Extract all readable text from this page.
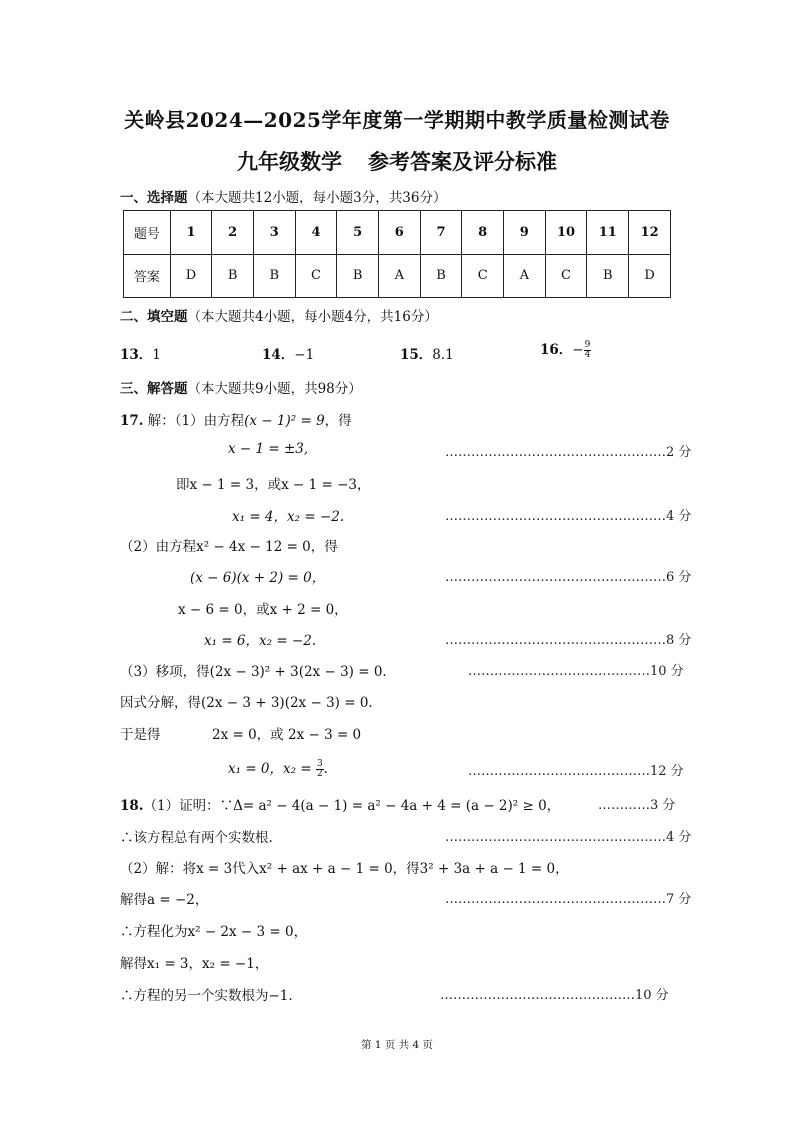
关岭县2024—2025学年度第一学期期中教学质量检测试卷
九年级数学 参考答案及评分标准
一、选择题（本大题共12小题，每小题3分，共36分）
题号	1	2	3	4	5	6	7	8	9	10	11	12
答案	D	B	B	C	B	A	B	C	A	C	B	D
二、填空题（本大题共4小题，每小题4分，共16分）
13．1	14．−1	15．8.1	16．− $\frac{9}{4}$
三、解答题（本大题共9小题，共98分）
17. 解：（1）由方程(x − 1)² = 9，得
x − 1 = ±3,	……………………………………………2 分
即x − 1 = 3，或x − 1 = −3，
x₁ = 4，x₂ = −2.	……………………………………………4 分
（2）由方程x² − 4x − 12 = 0，得
(x − 6)(x + 2) = 0，	……………………………………………6 分
x − 6 = 0，或x + 2 = 0，
x₁ = 6，x₂ = −2.	……………………………………………8 分
（3）移项，得(2x − 3)² + 3(2x − 3) = 0.	……………………………………10 分
因式分解，得(2x − 3 + 3)(2x − 3) = 0.
于是得	2x = 0，或 2x − 3 = 0
x₁ = 0，$x_2 = \frac{3}{2}$ .	……………………………………12 分
18.（1）证明：∵Δ= a² − 4(a − 1) = a² − 4a + 4 = (a − 2)² ≥ 0，	…………3 分
∴该方程总有两个实数根.	……………………………………………4 分
（2）解：将x = 3代入x² + ax + a − 1 = 0，得3² + 3a + a − 1 = 0，
解得a = −2，	……………………………………………7 分
∴方程化为x² − 2x − 3 = 0，
解得x₁ = 3，x₂ = −1，
∴方程的另一个实数根为−1.	………………………………………10 分
第 1 页 共 4 页
